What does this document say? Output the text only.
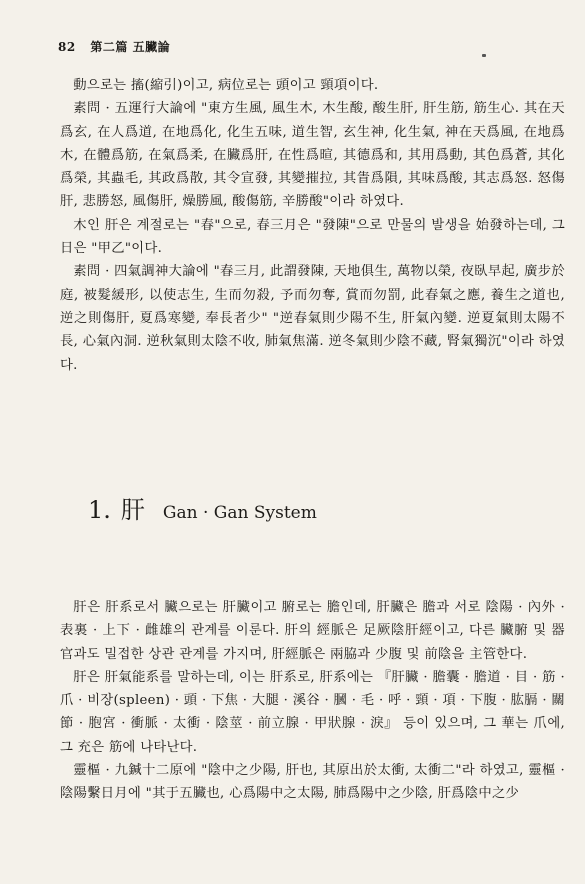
82 第二篇 五臟論

動으로는 搐(縮引)이고, 病位로는 頭이고 頸項이다.

素問 · 五運行大論에 "東方生風, 風生木, 木生酸, 酸生肝, 肝生筋, 筋生心. 其在天爲玄, 在人爲道, 在地爲化, 化生五味, 道生智, 玄生神, 化生氣, 神在天爲風, 在地爲木, 在體爲筋, 在氣爲柔, 在臟爲肝, 在性爲暄, 其德爲和, 其用爲動, 其色爲蒼, 其化爲榮, 其蟲毛, 其政爲散, 其令宣發, 其變摧拉, 其眚爲隕, 其味爲酸, 其志爲怒. 怒傷肝, 悲勝怒, 風傷肝, 燥勝風, 酸傷筋, 辛勝酸"이라 하였다.

木인 肝은 계절로는 "春"으로, 春三月은 "發陳"으로 만물의 발생을 始發하는데, 그 日은 "甲乙"이다.

素問 · 四氣調神大論에 "春三月, 此謂發陳, 天地俱生, 萬物以榮, 夜臥早起, 廣步於庭, 被髮緩形, 以使志生, 生而勿殺, 予而勿奪, 賞而勿罰, 此春氣之應, 養生之道也, 逆之則傷肝, 夏爲寒變, 奉長者少" "逆春氣則少陽不生, 肝氣內變. 逆夏氣則太陽不長, 心氣內洞. 逆秋氣則太陰不收, 肺氣焦滿. 逆冬氣則少陰不藏, 腎氣獨沉"이라 하였다.

1. 肝 Gan · Gan System

肝은 肝系로서 臟으로는 肝臟이고 腑로는 膽인데, 肝臟은 膽과 서로 陰陽 · 內外 · 表裏 · 上下 · 雌雄의 관계를 이룬다. 肝의 經脈은 足厥陰肝經이고, 다른 臟腑 및 器官과도 밀접한 상관 관계를 가지며, 肝經脈은 兩脇과 少腹 및 前陰을 主管한다.

肝은 肝氣能系를 말하는데, 이는 肝系로, 肝系에는 『肝臟 · 膽囊 · 膽道 · 目 · 筋 · 爪 · 비장(spleen) · 頭 · 下焦 · 大腿 · 溪谷 · 膕 · 毛 · 呼 · 頸 · 項 · 下腹 · 肱膈 · 關節 · 胞宮 · 衝脈 · 太衝 · 陰莖 · 前立腺 · 甲狀腺 · 淚』 등이 있으며, 그 華는 爪에, 그 充은 筋에 나타난다.

靈樞 · 九鍼十二原에 "陰中之少陽, 肝也, 其原出於太衝, 太衝二"라 하였고, 靈樞 · 陰陽繫日月에 "其于五臟也, 心爲陽中之太陽, 肺爲陽中之少陰, 肝爲陰中之少
